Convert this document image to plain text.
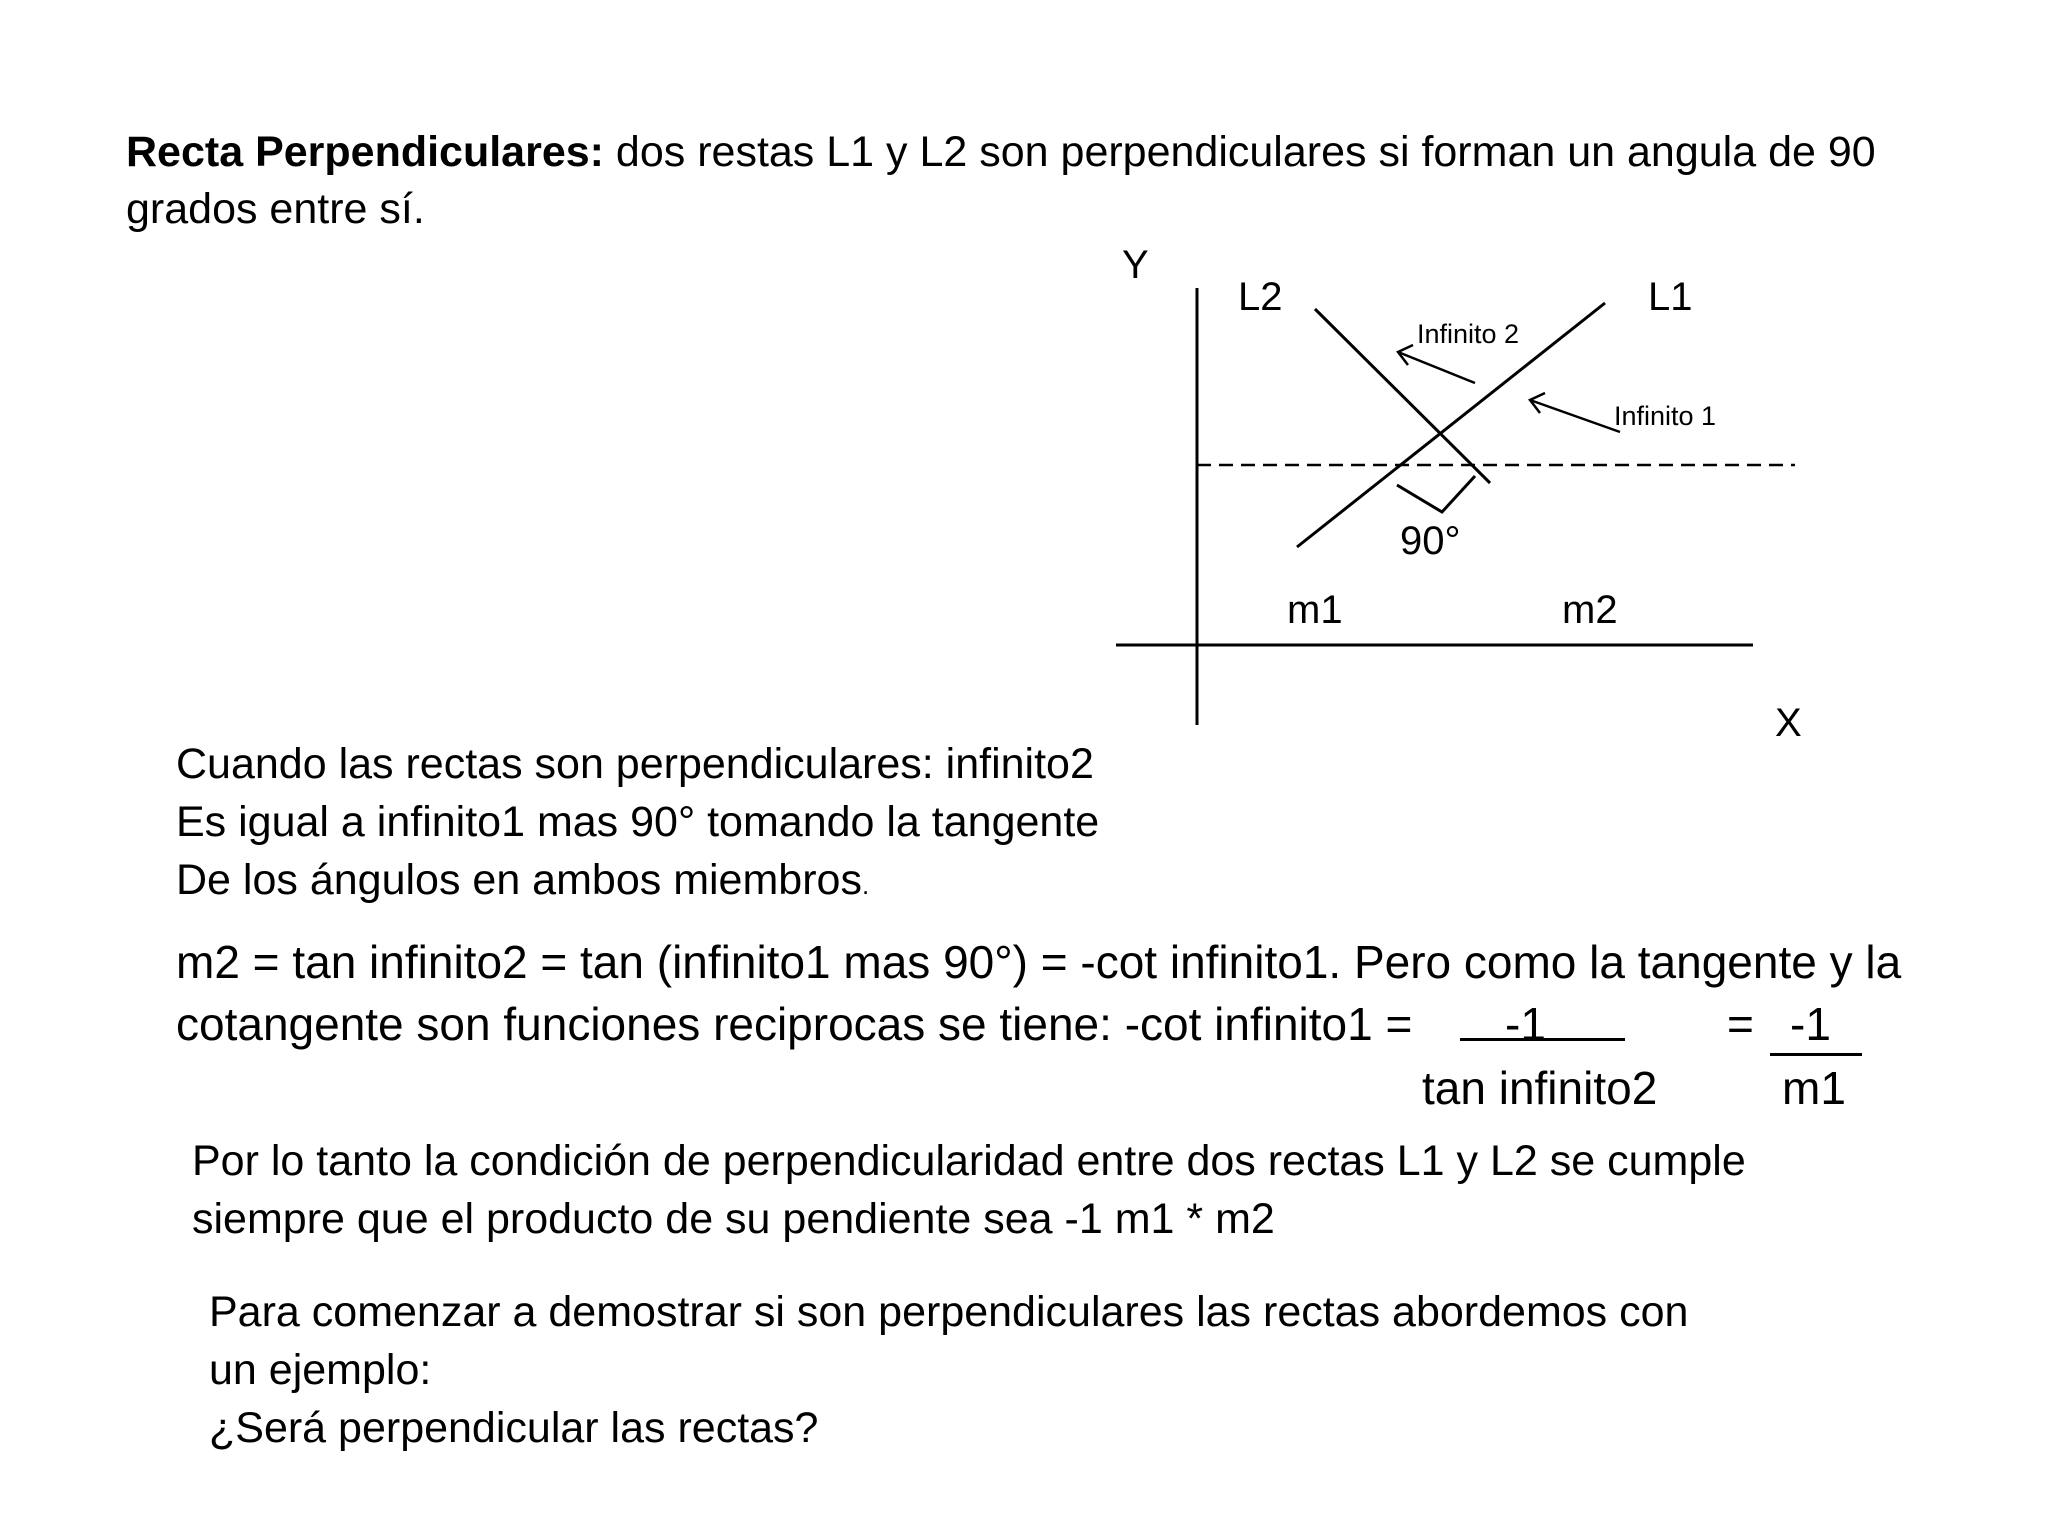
Recta Perpendiculares: dos restas L1 y L2 son perpendiculares si forman un angula de 90
grados entre sí.
Y
X
L2	L1
Infinito 2
Infinito 1
90°
m1	m2
Cuando las rectas son perpendiculares: infinito2
Es igual a infinito1 mas 90° tomando la tangente
De los ángulos en ambos miembros.
m2 = tan infinito2 = tan (infinito1 mas 90°) = -cot infinito1. Pero como la tangente y la
cotangente son funciones reciprocas se tiene: -cot infinito1 = -1
tan infinito2
= -1
m1
Por lo tanto la condición de perpendicularidad entre dos rectas L1 y L2 se cumple
siempre que el producto de su pendiente sea -1 m1 * m2
Para comenzar a demostrar si son perpendiculares las rectas abordemos con
un ejemplo:
¿Será perpendicular las rectas?
